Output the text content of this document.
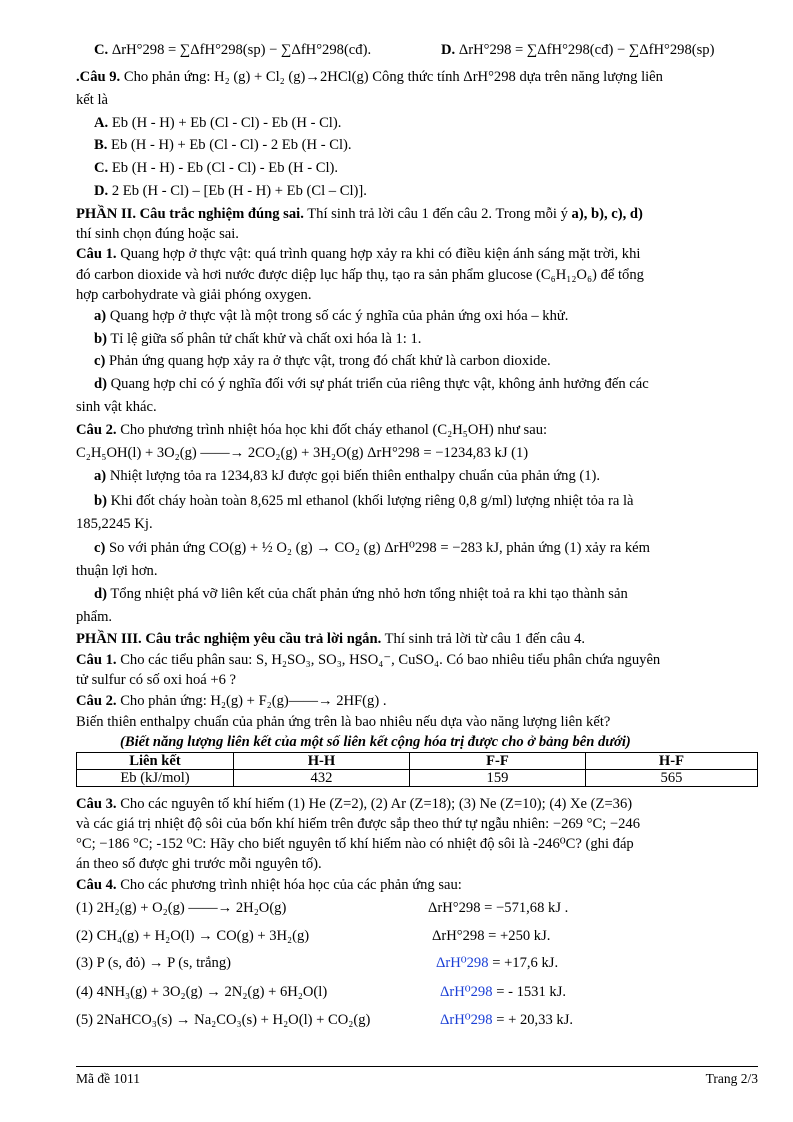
C. ΔrH°298 = ∑ΔfH°298(sp) − ∑ΔfH°298(cđ).	D. ΔrH°298 = ∑ΔfH°298(cđ) − ∑ΔfH°298(sp)
.Câu 9. Cho phản ứng: H₂ (g) + Cl₂ (g)→2HCl(g) Công thức tính ΔrH°298 dựa trên năng lượng liên
kết là
A. Eb (H - H) + Eb (Cl - Cl) - Eb (H - Cl).
B. Eb (H - H) + Eb (Cl - Cl) - 2 Eb (H - Cl).
C. Eb (H - H) - Eb (Cl - Cl) - Eb (H - Cl).
D. 2 Eb (H - Cl) – [Eb (H - H) + Eb (Cl – Cl)].
PHẦN II. Câu trắc nghiệm đúng sai. Thí sinh trả lời câu 1 đến câu 2. Trong mỗi ý a), b), c), d)
thí sinh chọn đúng hoặc sai.
Câu 1. Quang hợp ở thực vật: quá trình quang hợp xảy ra khi có điều kiện ánh sáng mặt trời, khi
đó carbon dioxide và hơi nước được diệp lục hấp thụ, tạo ra sản phẩm glucose (C₆H₁₂O₆) để tổng
hợp carbohydrate và giải phóng oxygen.
a) Quang hợp ở thực vật là một trong số các ý nghĩa của phản ứng oxi hóa – khử.
b) Tỉ lệ giữa số phân tử chất khử và chất oxi hóa là 1: 1.
c) Phản ứng quang hợp xảy ra ở thực vật, trong đó chất khử là carbon dioxide.
d) Quang hợp chỉ có ý nghĩa đối với sự phát triển của riêng thực vật, không ảnh hưởng đến các
sinh vật khác.
Câu 2. Cho phương trình nhiệt hóa học khi đốt cháy ethanol (C₂H₅OH) như sau:
C₂H₅OH(l) + 3O₂(g) ——→ 2CO₂(g) + 3H₂O(g) ΔrH°298 = −1234,83 kJ (1)
a) Nhiệt lượng tỏa ra 1234,83 kJ được gọi biến thiên enthalpy chuẩn của phản ứng (1).
b) Khi đốt cháy hoàn toàn 8,625 ml ethanol (khối lượng riêng 0,8 g/ml) lượng nhiệt tỏa ra là
185,2245 Kj.
c) So với phản ứng CO(g) + ½ O₂ (g) → CO₂ (g) ΔrH⁰298 = −283 kJ, phản ứng (1) xảy ra kém
thuận lợi hơn.
d) Tổng nhiệt phá vỡ liên kết của chất phản ứng nhỏ hơn tổng nhiệt toả ra khi tạo thành sản
phẩm.
PHẦN III. Câu trắc nghiệm yêu cầu trả lời ngắn. Thí sinh trả lời từ câu 1 đến câu 4.
Câu 1. Cho các tiểu phân sau: S, H₂SO₃, SO₃, HSO₄⁻, CuSO₄. Có bao nhiêu tiểu phân chứa nguyên
tử sulfur có số oxi hoá +6 ?
Câu 2. Cho phản ứng: H₂(g) + F₂(g)——→ 2HF(g) .
Biến thiên enthalpy chuẩn của phản ứng trên là bao nhiêu nếu dựa vào năng lượng liên kết?
(Biết năng lượng liên kết của một số liên kết cộng hóa trị được cho ở bảng bên dưới)
Liên kết	H-H	F-F	H-F
Eb (kJ/mol)	432	159	565
Câu 3. Cho các nguyên tố khí hiếm (1) He (Z=2), (2) Ar (Z=18); (3) Ne (Z=10); (4) Xe (Z=36)
và các giá trị nhiệt độ sôi của bốn khí hiếm trên được sắp theo thứ tự ngẫu nhiên: −269 °C; −246
°C; −186 °C; -152 ⁰C: Hãy cho biết nguyên tố khí hiếm nào có nhiệt độ sôi là -246⁰C? (ghi đáp
án theo số được ghi trước mỗi nguyên tố).
Câu 4. Cho các phương trình nhiệt hóa học của các phản ứng sau:
(1) 2H₂(g) + O₂(g) ——→ 2H₂O(g)	ΔrH°298 = −571,68 kJ .
(2) CH₄(g) + H₂O(l) → CO(g) + 3H₂(g)	ΔrH°298 = +250 kJ.
(3) P (s, đỏ) → P (s, trắng)	ΔrH⁰298 = +17,6 kJ.
(4) 4NH₃(g) + 3O₂(g) → 2N₂(g) + 6H₂O(l)	ΔrH⁰298 = - 1531 kJ.
(5) 2NaHCO₃(s) → Na₂CO₃(s) + H₂O(l) + CO₂(g)	ΔrH⁰298 = + 20,33 kJ.
Mã đề 1011	Trang 2/3
